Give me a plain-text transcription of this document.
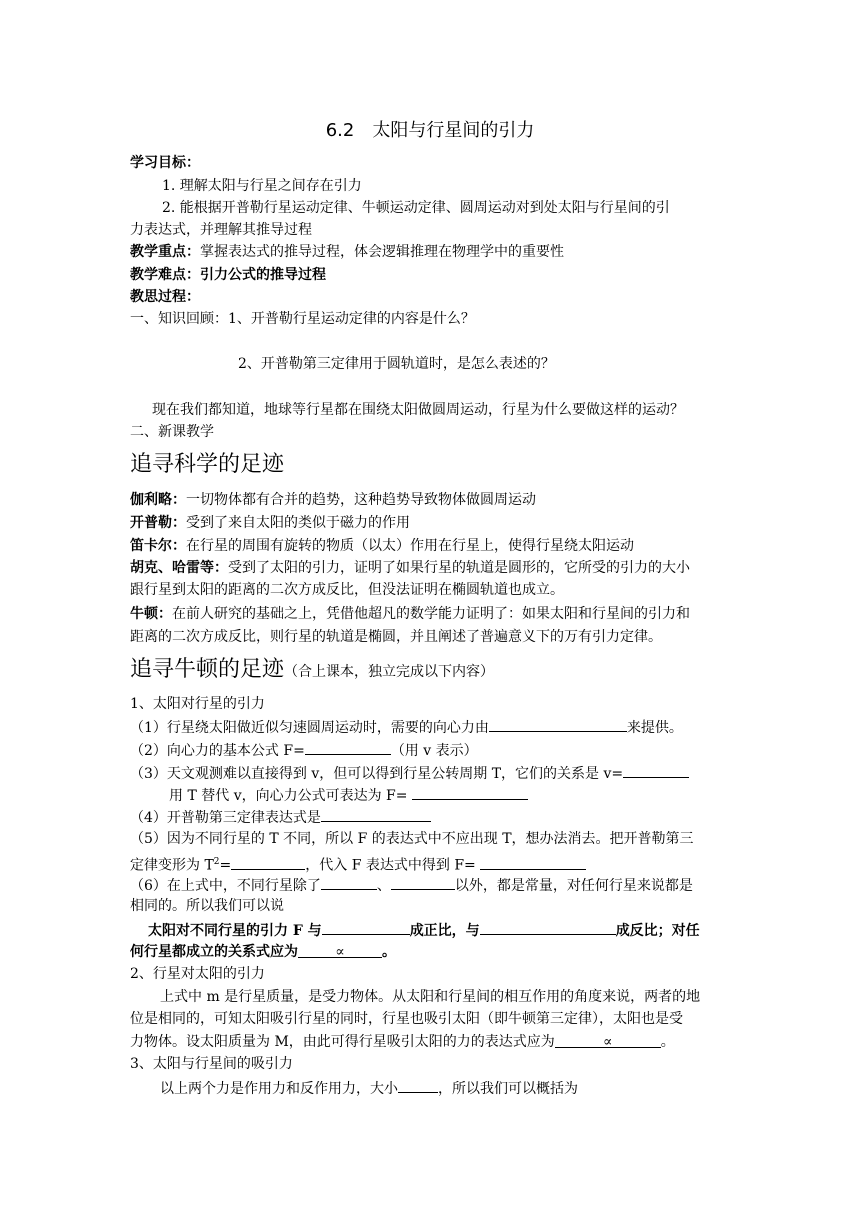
6.2　太阳与行星间的引力
学习目标：
1. 理解太阳与行星之间存在引力
2. 能根据开普勒行星运动定律、牛顿运动定律、圆周运动对到处太阳与行星间的引
力表达式，并理解其推导过程
教学重点：掌握表达式的推导过程，体会逻辑推理在物理学中的重要性
教学难点：引力公式的推导过程
教思过程：
一、知识回顾：1、开普勒行星运动定律的内容是什么？
2、开普勒第三定律用于圆轨道时，是怎么表述的？
现在我们都知道，地球等行星都在围绕太阳做圆周运动，行星为什么要做这样的运动？
二、新课教学
追寻科学的足迹
伽利略：一切物体都有合并的趋势，这种趋势导致物体做圆周运动
开普勒：受到了来自太阳的类似于磁力的作用
笛卡尔：在行星的周围有旋转的物质（以太）作用在行星上，使得行星绕太阳运动
胡克、哈雷等：受到了太阳的引力，证明了如果行星的轨道是圆形的，它所受的引力的大小
跟行星到太阳的距离的二次方成反比，但没法证明在椭圆轨道也成立。
牛顿：在前人研究的基础之上，凭借他超凡的数学能力证明了：如果太阳和行星间的引力和
距离的二次方成反比，则行星的轨道是椭圆，并且阐述了普遍意义下的万有引力定律。
追寻牛顿的足迹（合上课本，独立完成以下内容）
1、太阳对行星的引力
（1）行星绕太阳做近似匀速圆周运动时，需要的向心力由	来提供。
（2）向心力的基本公式 F=	（用 v 表示）
（3）天文观测难以直接得到 v，但可以得到行星公转周期 T，它们的关系是 v=
用 T 替代 v，向心力公式可表达为 F=
（4）开普勒第三定律表达式是
（5）因为不同行星的 T 不同，所以 F 的表达式中不应出现 T，想办法消去。把开普勒第三
定律变形为 $T^2=$	，代入 F 表达式中得到 F=
（6）在上式中，不同行星除了	、	以外，都是常量，对任何行星来说都是
相同的。所以我们可以说
太阳对不同行星的引力 F 与	成正比，与	成反比；对任
何行星都成立的关系式应为	∝	。
2、行星对太阳的引力
上式中 m 是行星质量，是受力物体。从太阳和行星间的相互作用的角度来说，两者的地
位是相同的，可知太阳吸引行星的同时，行星也吸引太阳（即牛顿第三定律），太阳也是受
力物体。设太阳质量为 M，由此可得行星吸引太阳的力的表达式应为	∝	。
3、太阳与行星间的吸引力
以上两个力是作用力和反作用力，大小	，所以我们可以概括为
